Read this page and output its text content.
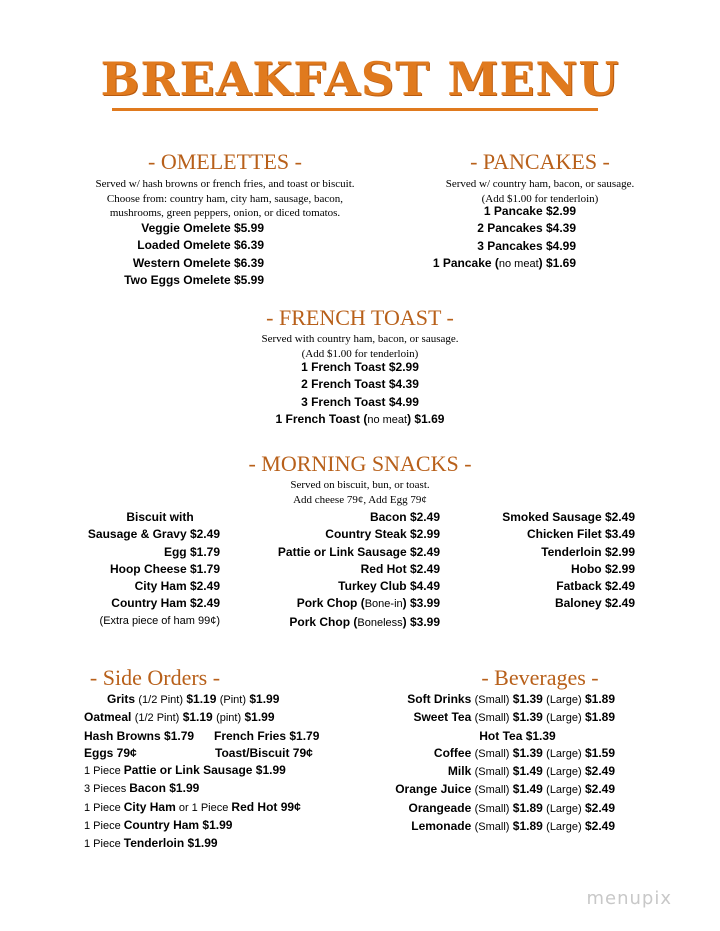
BREAKFAST MENU
- OMELETTES -
Served w/ hash browns or french fries, and toast or biscuit.
Choose from: country ham, city ham, sausage, bacon,
mushrooms, green peppers, onion, or diced tomatos.
Veggie Omelete $5.99
Loaded Omelete $6.39
Western Omelete $6.39
Two Eggs Omelete $5.99
- PANCAKES -
Served w/ country ham, bacon, or sausage.
(Add $1.00 for tenderloin)
1 Pancake $2.99
2 Pancakes $4.39
3 Pancakes $4.99
1 Pancake (no meat) $1.69
- FRENCH TOAST -
Served with country ham, bacon, or sausage.
(Add $1.00 for tenderloin)
1 French Toast $2.99
2 French Toast $4.39
3 French Toast $4.99
1 French Toast (no meat) $1.69
- MORNING SNACKS -
Served on biscuit, bun, or toast.
Add cheese 79¢, Add Egg 79¢
Biscuit with
Sausage & Gravy $2.49
Egg $1.79
Hoop Cheese $1.79
City Ham $2.49
Country Ham $2.49
(Extra piece of ham 99¢)
Bacon $2.49
Country Steak $2.99
Pattie or Link Sausage $2.49
Red Hot $2.49
Turkey Club $4.49
Pork Chop (Bone-in) $3.99
Pork Chop (Boneless) $3.99
Smoked Sausage $2.49
Chicken Filet $3.49
Tenderloin $2.99
Hobo $2.99
Fatback $2.49
Baloney $2.49
- Side Orders -
Grits (1/2 Pint) $1.19 (Pint) $1.99
Oatmeal (1/2 Pint) $1.19 (pint) $1.99
Hash Browns $1.79 French Fries $1.79
Eggs 79¢	Toast/Biscuit 79¢
1 Piece Pattie or Link Sausage $1.99
3 Pieces Bacon $1.99
1 Piece City Ham or 1 Piece Red Hot 99¢
1 Piece Country Ham $1.99
1 Piece Tenderloin $1.99
- Beverages -
Soft Drinks (Small) $1.39 (Large) $1.89
Sweet Tea (Small) $1.39 (Large) $1.89
Hot Tea $1.39
Coffee (Small) $1.39 (Large) $1.59
Milk (Small) $1.49 (Large) $2.49
Orange Juice (Small) $1.49 (Large) $2.49
Orangeade (Small) $1.89 (Large) $2.49
Lemonade (Small) $1.89 (Large) $2.49
menupix
